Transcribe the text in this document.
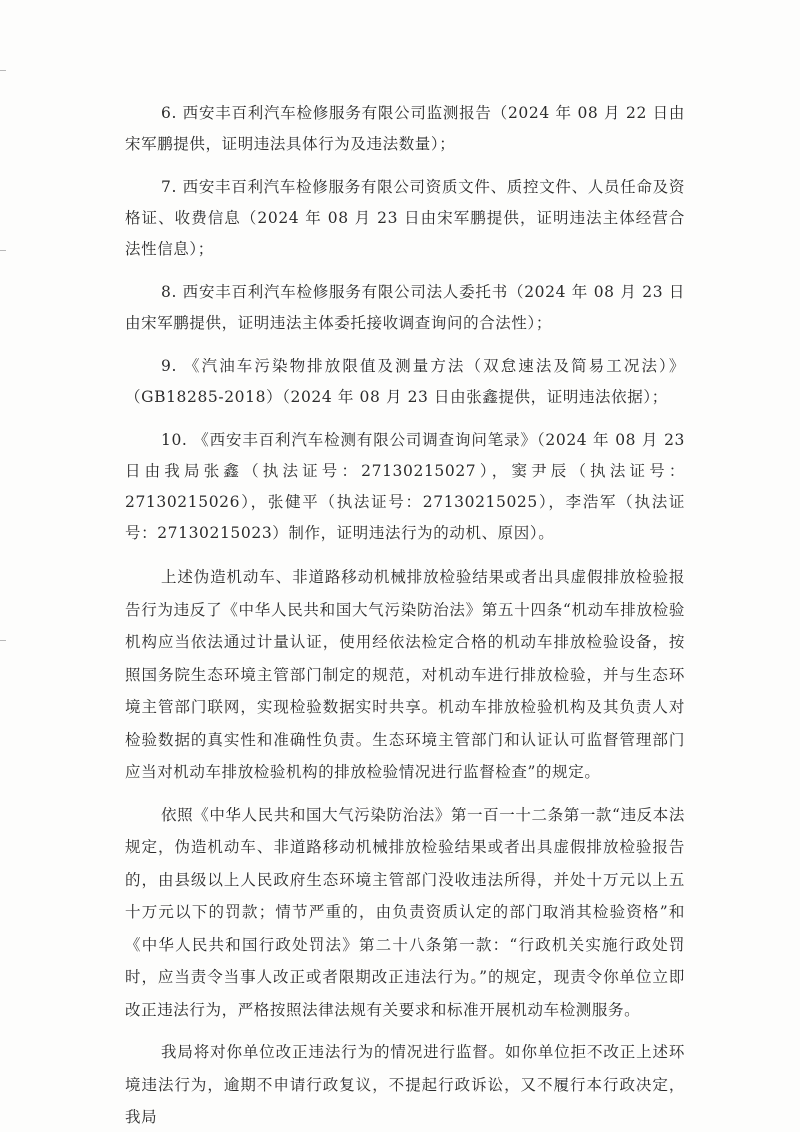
6. 西安丰百利汽车检修服务有限公司监测报告（2024 年 08 月 22 日由宋军鹏提供，证明违法具体行为及违法数量）；

7. 西安丰百利汽车检修服务有限公司资质文件、质控文件、人员任命及资格证、收费信息（2024 年 08 月 23 日由宋军鹏提供，证明违法主体经营合法性信息）；

8. 西安丰百利汽车检修服务有限公司法人委托书（2024 年 08 月 23 日由宋军鹏提供，证明违法主体委托接收调查询问的合法性）；

9. 《汽油车污染物排放限值及测量方法（双怠速法及简易工况法）》（GB18285-2018）（2024 年 08 月 23 日由张鑫提供，证明违法依据）；

10. 《西安丰百利汽车检测有限公司调查询问笔录》（2024 年 08 月 23 日由我局张鑫（执法证号：27130215027），窦尹辰（执法证号：27130215026），张健平（执法证号：27130215025），李浩军（执法证号：27130215023）制作，证明违法行为的动机、原因）。

上述伪造机动车、非道路移动机械排放检验结果或者出具虚假排放检验报告行为违反了《中华人民共和国大气污染防治法》第五十四条“机动车排放检验机构应当依法通过计量认证，使用经依法检定合格的机动车排放检验设备，按照国务院生态环境主管部门制定的规范，对机动车进行排放检验，并与生态环境主管部门联网，实现检验数据实时共享。机动车排放检验机构及其负责人对检验数据的真实性和准确性负责。生态环境主管部门和认证认可监督管理部门应当对机动车排放检验机构的排放检验情况进行监督检查”的规定。

依照《中华人民共和国大气污染防治法》第一百一十二条第一款“违反本法规定，伪造机动车、非道路移动机械排放检验结果或者出具虚假排放检验报告的，由县级以上人民政府生态环境主管部门没收违法所得，并处十万元以上五十万元以下的罚款；情节严重的，由负责资质认定的部门取消其检验资格”和《中华人民共和国行政处罚法》第二十八条第一款：“行政机关实施行政处罚时，应当责令当事人改正或者限期改正违法行为。”的规定，现责令你单位立即改正违法行为，严格按照法律法规有关要求和标准开展机动车检测服务。

我局将对你单位改正违法行为的情况进行监督。如你单位拒不改正上述环境违法行为，逾期不申请行政复议，不提起行政诉讼，又不履行本行政决定，我局
